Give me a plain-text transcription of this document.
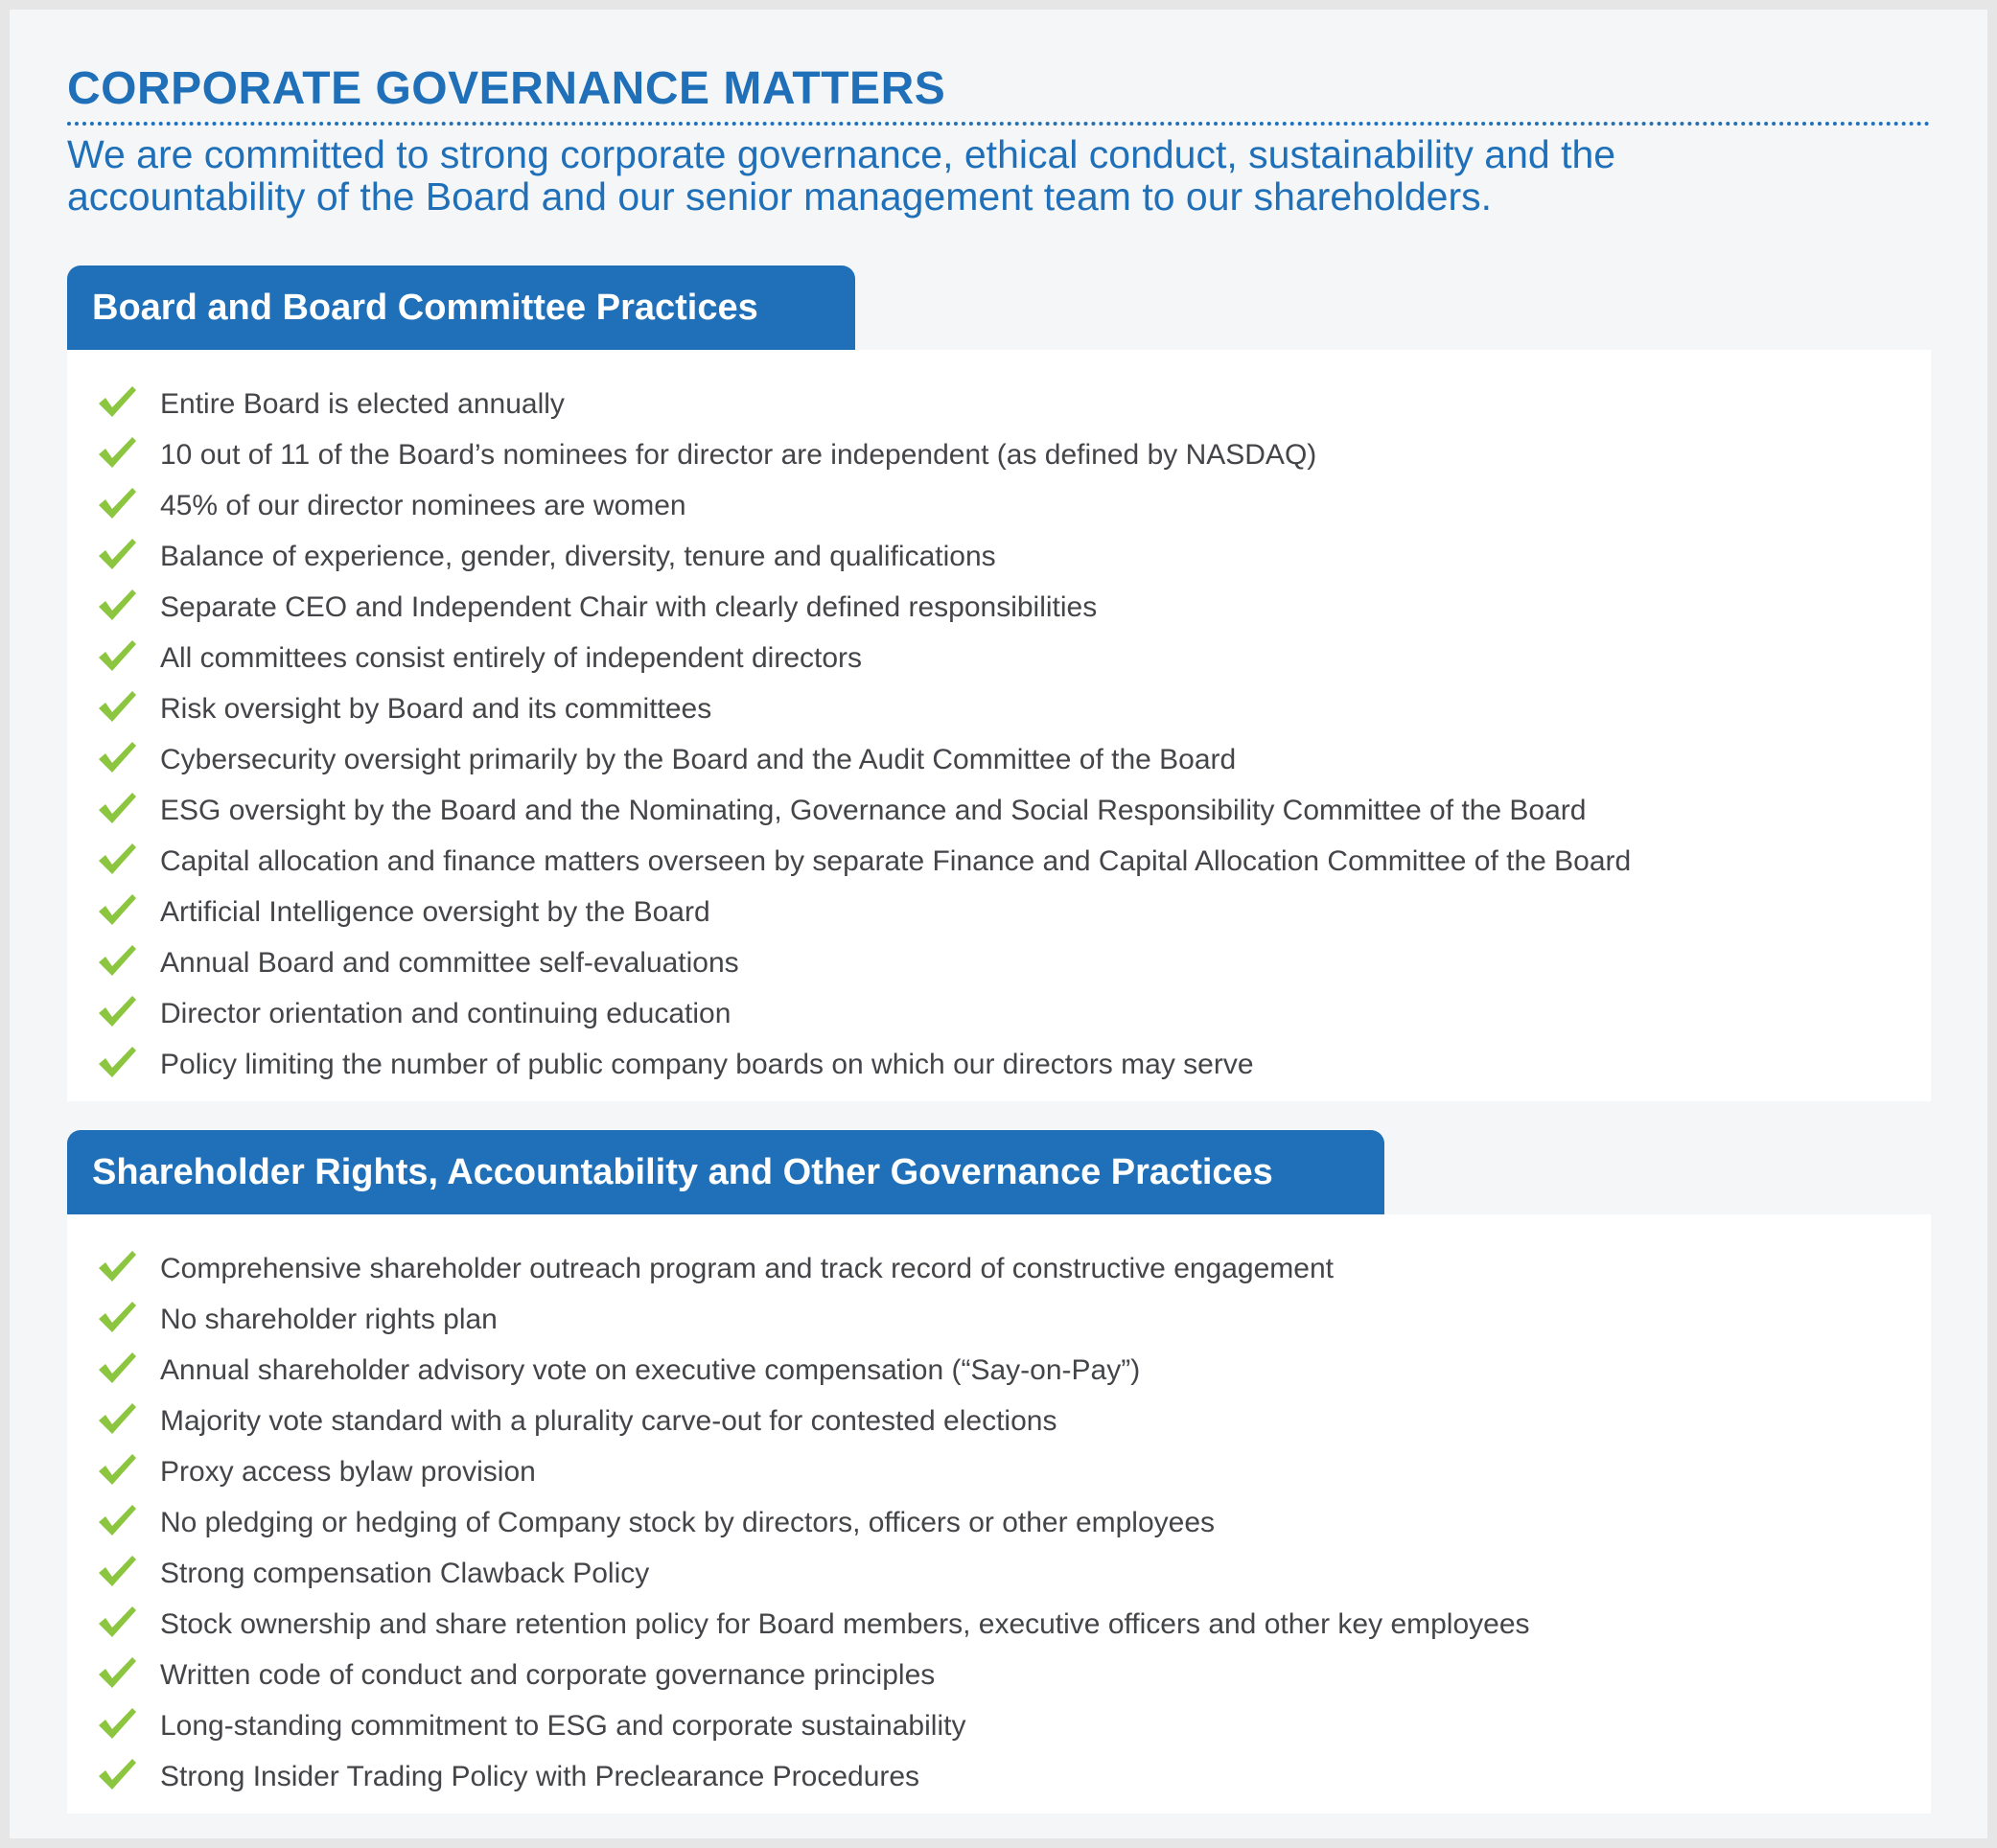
CORPORATE GOVERNANCE MATTERS

We are committed to strong corporate governance, ethical conduct, sustainability and the
accountability of the Board and our senior management team to our shareholders.

Board and Board Committee Practices
Entire Board is elected annually
10 out of 11 of the Board’s nominees for director are independent (as defined by NASDAQ)
45% of our director nominees are women
Balance of experience, gender, diversity, tenure and qualifications
Separate CEO and Independent Chair with clearly defined responsibilities
All committees consist entirely of independent directors
Risk oversight by Board and its committees
Cybersecurity oversight primarily by the Board and the Audit Committee of the Board
ESG oversight by the Board and the Nominating, Governance and Social Responsibility Committee of the Board
Capital allocation and finance matters overseen by separate Finance and Capital Allocation Committee of the Board
Artificial Intelligence oversight by the Board
Annual Board and committee self-evaluations
Director orientation and continuing education
Policy limiting the number of public company boards on which our directors may serve
Shareholder Rights, Accountability and Other Governance Practices
Comprehensive shareholder outreach program and track record of constructive engagement
No shareholder rights plan
Annual shareholder advisory vote on executive compensation (“Say-on-Pay”)
Majority vote standard with a plurality carve-out for contested elections
Proxy access bylaw provision
No pledging or hedging of Company stock by directors, officers or other employees
Strong compensation Clawback Policy
Stock ownership and share retention policy for Board members, executive officers and other key employees
Written code of conduct and corporate governance principles
Long-standing commitment to ESG and corporate sustainability
Strong Insider Trading Policy with Preclearance Procedures
